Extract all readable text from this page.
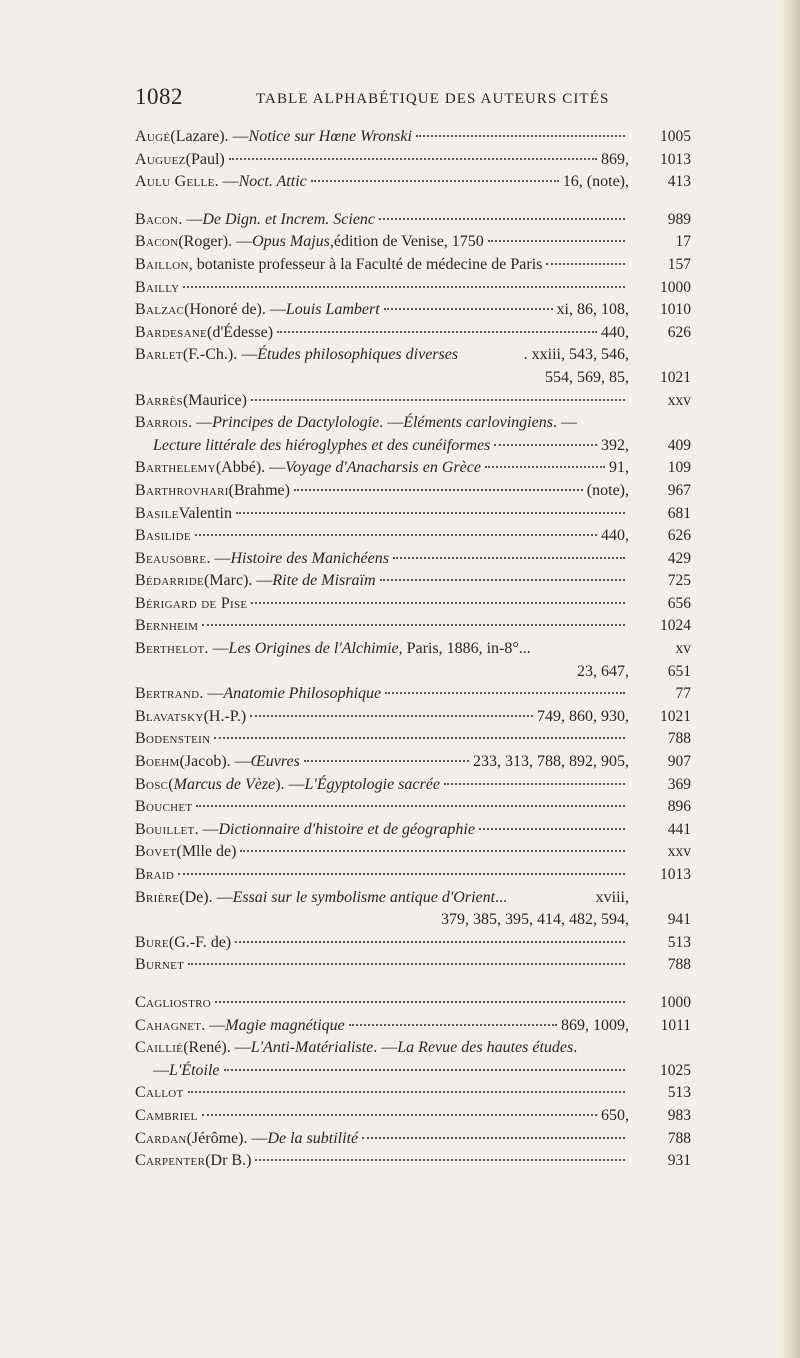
1082	TABLE ALPHABÉTIQUE DES AUTEURS CITÉS
Augé (Lazare). — Notice sur Hœne Wronski	1005
Auguez (Paul)	869,	1013
Aulu Gelle . — Noct. Attic	16, (note),	413
Bacon . — De Dign. et Increm. Scienc	989
Bacon (Roger). — Opus Majus, édition de Venise, 1750	17
Baillon , botaniste professeur à la Faculté de médecine de Paris	157
Bailly	1000
Balzac (Honoré de). — Louis Lambert	xi, 86, 108,	1010
Bardesane (d'Édesse)	440,	626
Barlet (F.-Ch.). — Études philosophiques diverses	. xxiii, 543, 546,
554, 569, 85,	1021
Barrès (Maurice)	xxv
Barrois . — Principes de Dactylologie . — Éléments carlovingiens . —
Lecture littérale des hiéroglyphes et des cunéiformes	392,	409
Barthelemy (Abbé). — Voyage d'Anacharsis en Grèce	91,	109
Barthrovhari (Brahme)	(note),	967
Basile Valentin	681
Basilide	440,	626
Beausobre . — Histoire des Manichéens	429
Bédarride (Marc). — Rite de Misraïm	725
Bérigard de Pise	656
Bernheim	1024
Berthelot . — Les Origines de l'Alchimie , Paris, 1886, in-8°...	xv
23, 647,	651
Bertrand . — Anatomie Philosophique	77
Blavatsky (H.-P.)	749, 860, 930,	1021
Bodenstein	788
Boehm (Jacob). — Œuvres	233, 313, 788, 892, 905,	907
Bosc ( Marcus de Vèze ). — L'Égyptologie sacrée	369
Bouchet	896
Bouillet . — Dictionnaire d'histoire et de géographie	441
Bovet (Mlle de)	xxv
Braid	1013
Brière (De). — Essai sur le symbolisme antique d'Orient ...	xviii,
379, 385, 395, 414, 482, 594,	941
Bure (G.-F. de)	513
Burnet	788
Cagliostro	1000
Cahagnet . — Magie magnétique	869, 1009,	1011
Caillié (René). — L'Anti-Matérialiste . — La Revue des hautes études .
— L'Étoile	1025
Callot	513
Cambriel	650,	983
Cardan (Jérôme). — De la subtilité	788
Carpenter (Dr B.)	931
